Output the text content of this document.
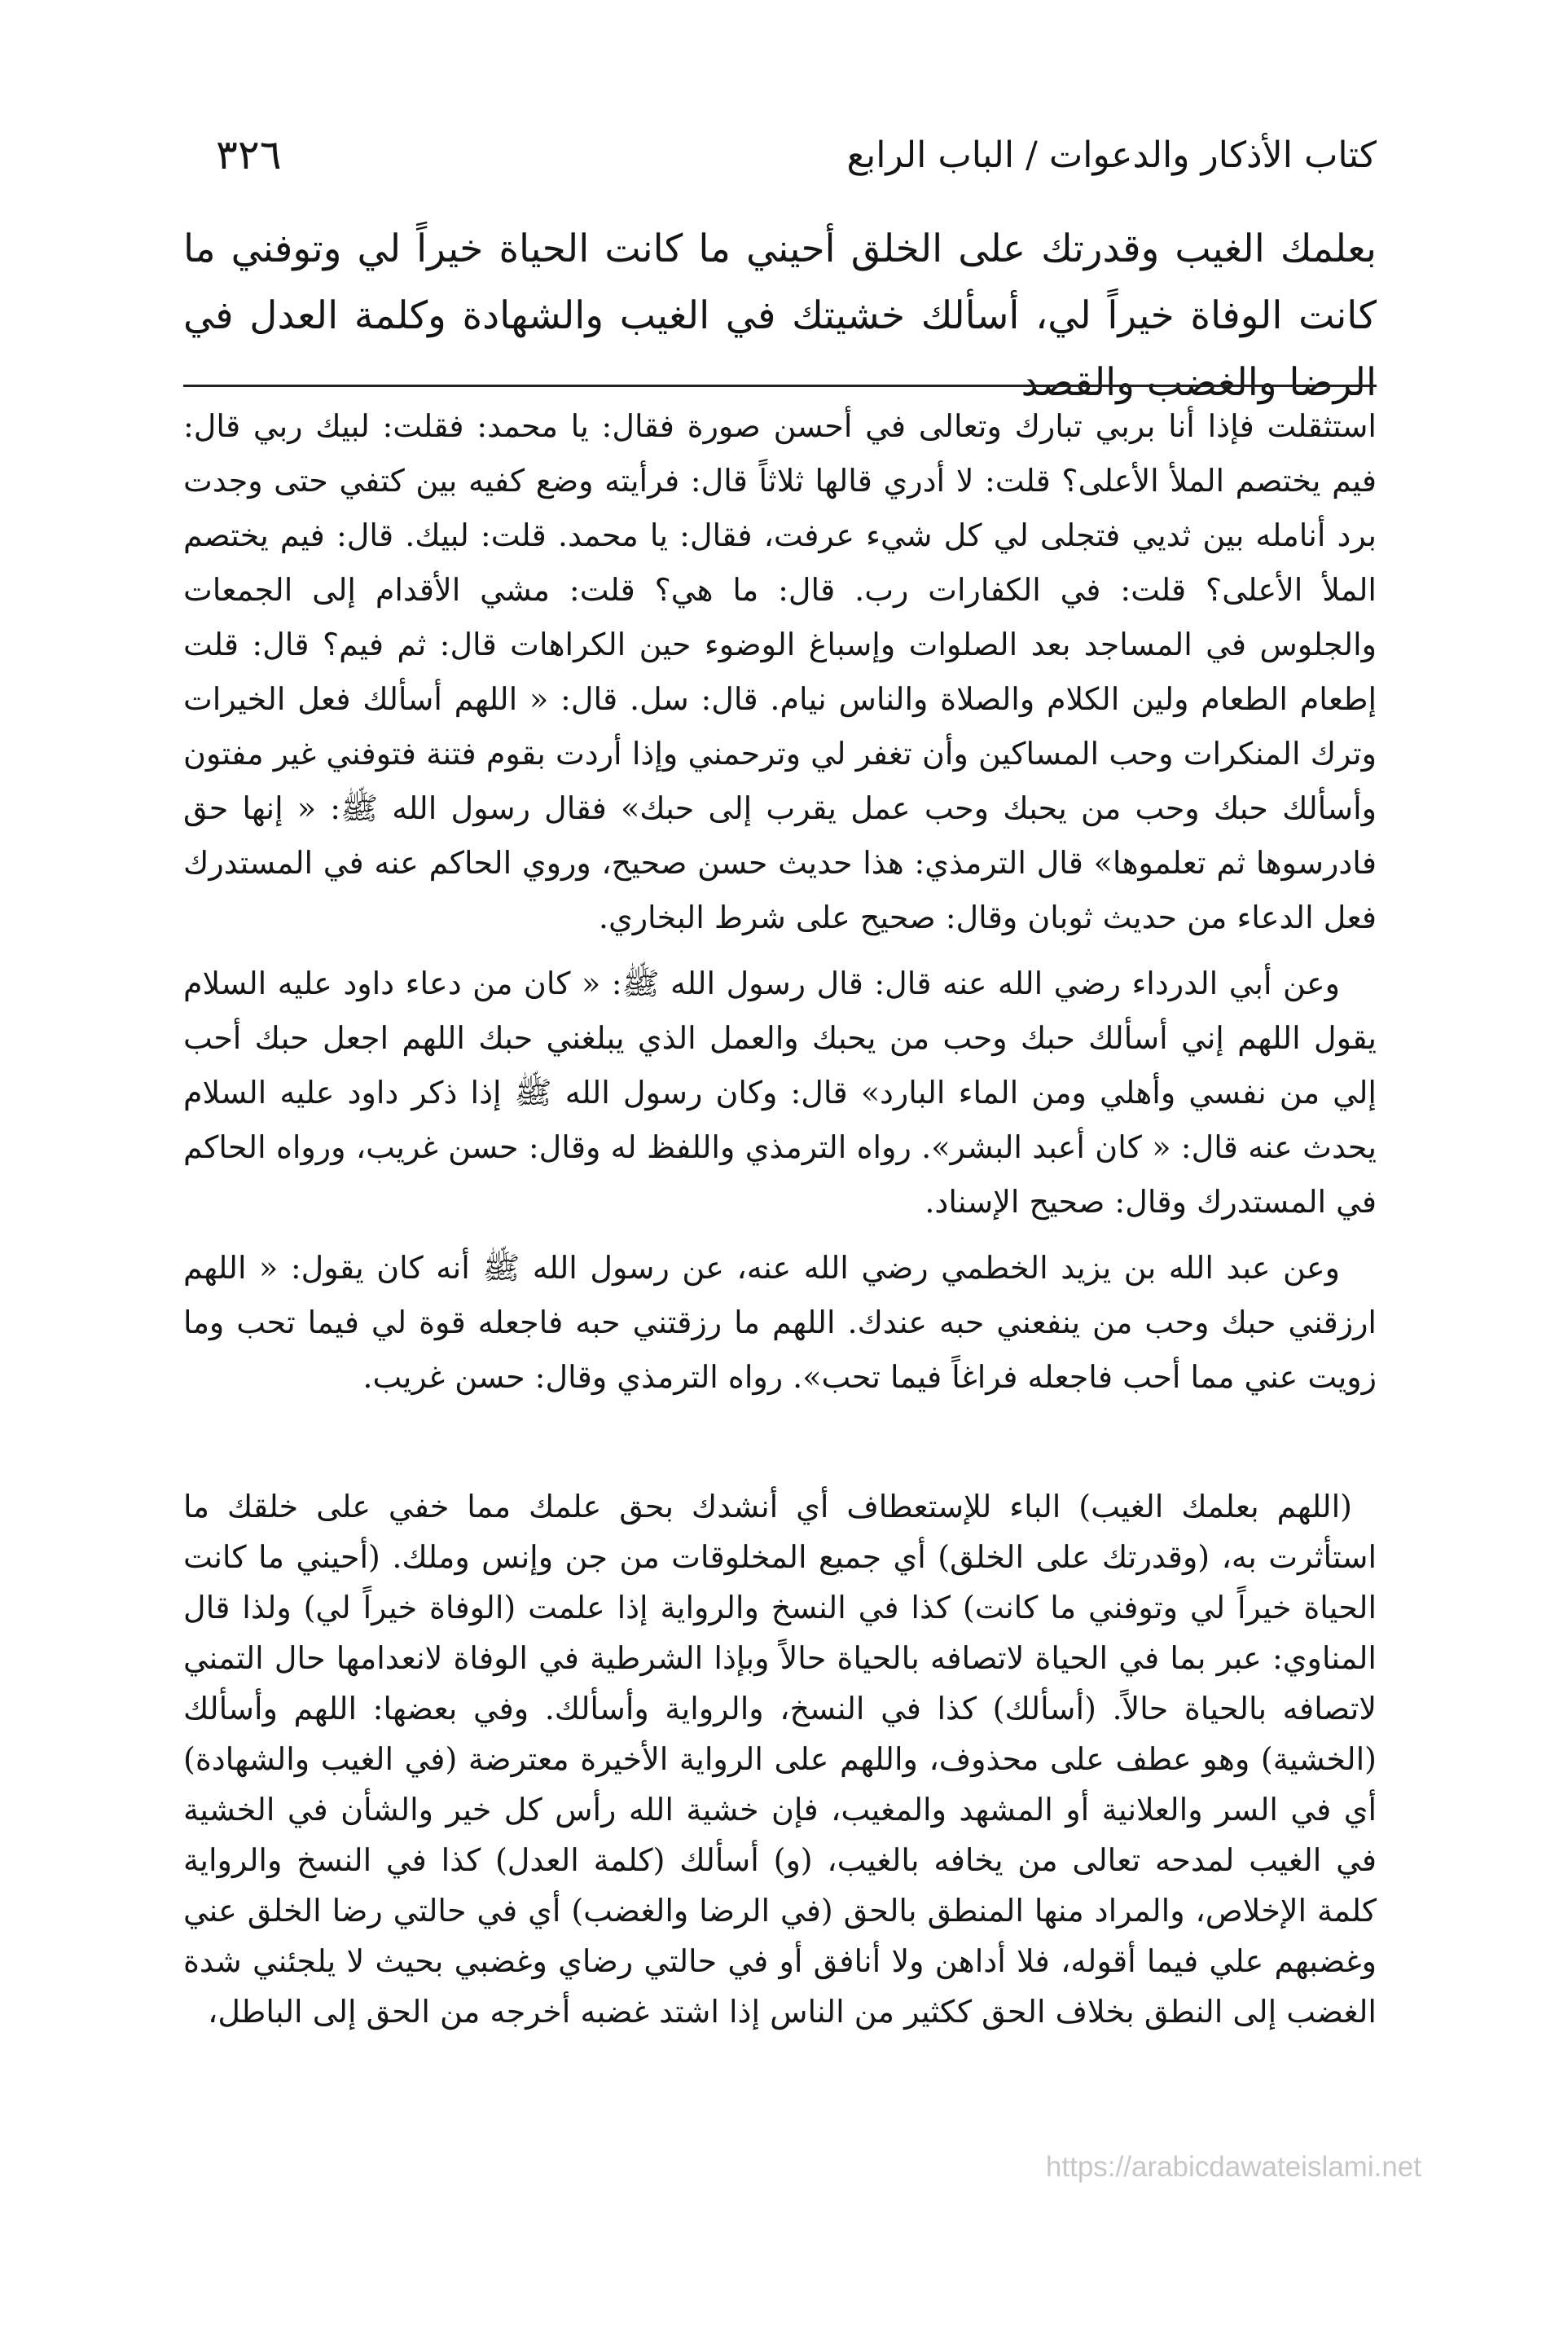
كتاب الأذكار والدعوات / الباب الرابع
٣٢٦
بعلمك الغيب وقدرتك على الخلق أحيني ما كانت الحياة خيراً لي وتوفني ما كانت الوفاة خيراً لي، أسألك خشيتك في الغيب والشهادة وكلمة العدل في الرضا والغضب والقصد

استثقلت فإذا أنا بربي تبارك وتعالى في أحسن صورة فقال: يا محمد: فقلت: لبيك ربي قال: فيم يختصم الملأ الأعلى؟ قلت: لا أدري قالها ثلاثاً قال: فرأيته وضع كفيه بين كتفي حتى وجدت برد أنامله بين ثديي فتجلى لي كل شيء عرفت، فقال: يا محمد. قلت: لبيك. قال: فيم يختصم الملأ الأعلى؟ قلت: في الكفارات رب. قال: ما هي؟ قلت: مشي الأقدام إلى الجمعات والجلوس في المساجد بعد الصلوات وإسباغ الوضوء حين الكراهات قال: ثم فيم؟ قال: قلت إطعام الطعام ولين الكلام والصلاة والناس نيام. قال: سل. قال: « اللهم أسألك فعل الخيرات وترك المنكرات وحب المساكين وأن تغفر لي وترحمني وإذا أردت بقوم فتنة فتوفني غير مفتون وأسألك حبك وحب من يحبك وحب عمل يقرب إلى حبك» فقال رسول الله ﷺ: « إنها حق فادرسوها ثم تعلموها» قال الترمذي: هذا حديث حسن صحيح، وروي الحاكم عنه في المستدرك فعل الدعاء من حديث ثوبان وقال: صحيح على شرط البخاري.

وعن أبي الدرداء رضي الله عنه قال: قال رسول الله ﷺ: « كان من دعاء داود عليه السلام يقول اللهم إني أسألك حبك وحب من يحبك والعمل الذي يبلغني حبك اللهم اجعل حبك أحب إلي من نفسي وأهلي ومن الماء البارد» قال: وكان رسول الله ﷺ إذا ذكر داود عليه السلام يحدث عنه قال: « كان أعبد البشر». رواه الترمذي واللفظ له وقال: حسن غريب، ورواه الحاكم في المستدرك وقال: صحيح الإسناد.

وعن عبد الله بن يزيد الخطمي رضي الله عنه، عن رسول الله ﷺ أنه كان يقول: « اللهم ارزقني حبك وحب من ينفعني حبه عندك. اللهم ما رزقتني حبه فاجعله قوة لي فيما تحب وما زويت عني مما أحب فاجعله فراغاً فيما تحب». رواه الترمذي وقال: حسن غريب.

(اللهم بعلمك الغيب) الباء للإستعطاف أي أنشدك بحق علمك مما خفي على خلقك ما استأثرت به، (وقدرتك على الخلق) أي جميع المخلوقات من جن وإنس وملك. (أحيني ما كانت الحياة خيراً لي وتوفني ما كانت) كذا في النسخ والرواية إذا علمت (الوفاة خيراً لي) ولذا قال المناوي: عبر بما في الحياة لاتصافه بالحياة حالاً وبإذا الشرطية في الوفاة لانعدامها حال التمني لاتصافه بالحياة حالاً. (أسألك) كذا في النسخ، والرواية وأسألك. وفي بعضها: اللهم وأسألك (الخشية) وهو عطف على محذوف، واللهم على الرواية الأخيرة معترضة (في الغيب والشهادة) أي في السر والعلانية أو المشهد والمغيب، فإن خشية الله رأس كل خير والشأن في الخشية في الغيب لمدحه تعالى من يخافه بالغيب، (و) أسألك (كلمة العدل) كذا في النسخ والرواية كلمة الإخلاص، والمراد منها المنطق بالحق (في الرضا والغضب) أي في حالتي رضا الخلق عني وغضبهم علي فيما أقوله، فلا أداهن ولا أنافق أو في حالتي رضاي وغضبي بحيث لا يلجئني شدة الغضب إلى النطق بخلاف الحق ككثير من الناس إذا اشتد غضبه أخرجه من الحق إلى الباطل،

https://arabicdawateislami.net
